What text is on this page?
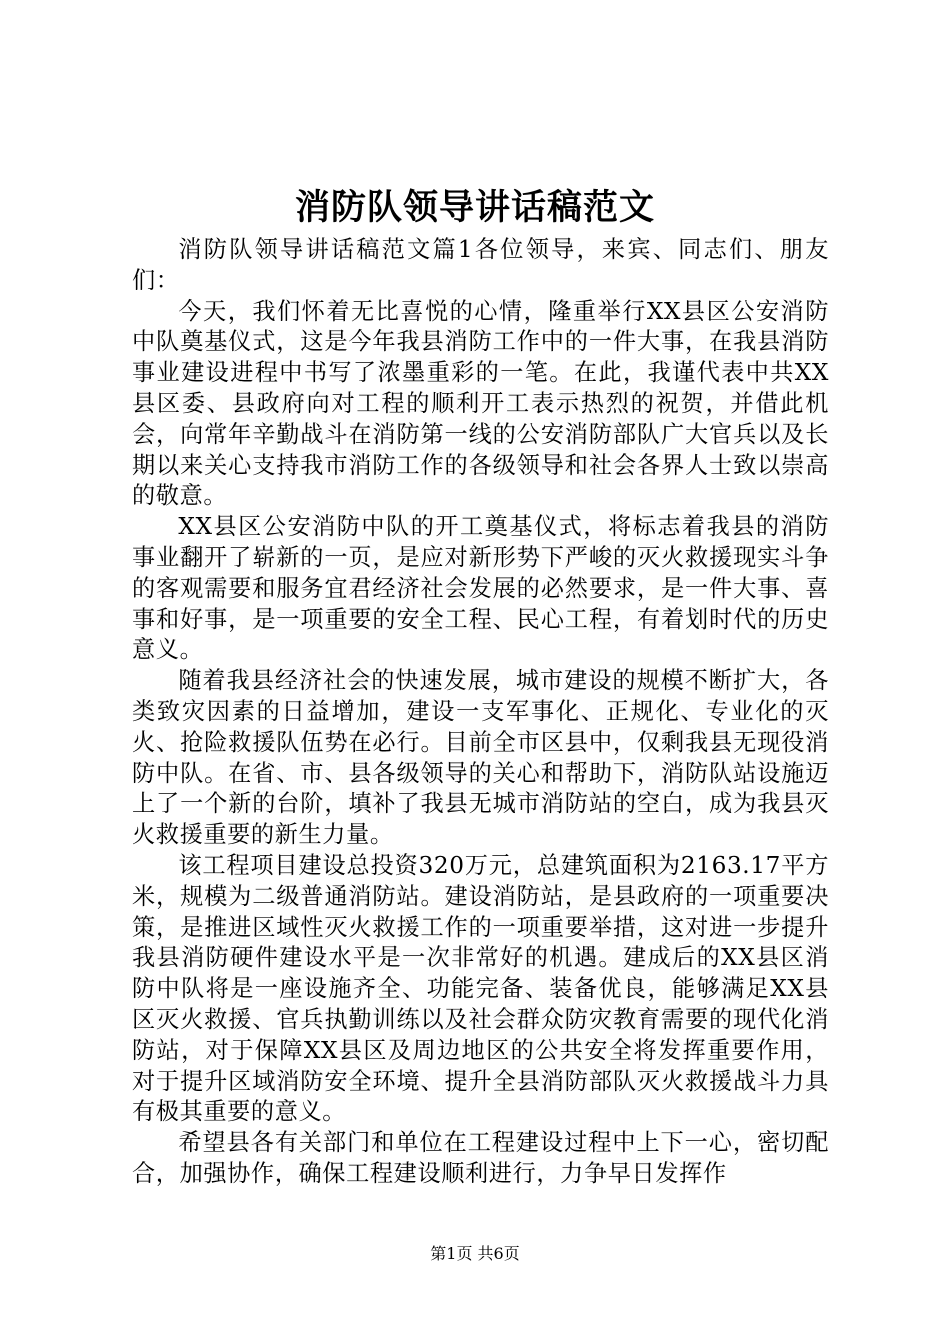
消防队领导讲话稿范文

消防队领导讲话稿范文篇1各位领导，来宾、同志们、朋友们：

今天，我们怀着无比喜悦的心情，隆重举行XX县区公安消防中队奠基仪式，这是今年我县消防工作中的一件大事，在我县消防事业建设进程中书写了浓墨重彩的一笔。在此，我谨代表中共XX县区委、县政府向对工程的顺利开工表示热烈的祝贺，并借此机会，向常年辛勤战斗在消防第一线的公安消防部队广大官兵以及长期以来关心支持我市消防工作的各级领导和社会各界人士致以崇高的敬意。

XX县区公安消防中队的开工奠基仪式，将标志着我县的消防事业翻开了崭新的一页，是应对新形势下严峻的灭火救援现实斗争的客观需要和服务宜君经济社会发展的必然要求，是一件大事、喜事和好事，是一项重要的安全工程、民心工程，有着划时代的历史意义。

随着我县经济社会的快速发展，城市建设的规模不断扩大，各类致灾因素的日益增加，建设一支军事化、正规化、专业化的灭火、抢险救援队伍势在必行。目前全市区县中，仅剩我县无现役消防中队。在省、市、县各级领导的关心和帮助下，消防队站设施迈上了一个新的台阶，填补了我县无城市消防站的空白，成为我县灭火救援重要的新生力量。

该工程项目建设总投资320万元，总建筑面积为2163.17平方米，规模为二级普通消防站。建设消防站，是县政府的一项重要决策，是推进区域性灭火救援工作的一项重要举措，这对进一步提升我县消防硬件建设水平是一次非常好的机遇。建成后的XX县区消防中队将是一座设施齐全、功能完备、装备优良，能够满足XX县区灭火救援、官兵执勤训练以及社会群众防灾教育需要的现代化消防站，对于保障XX县区及周边地区的公共安全将发挥重要作用，对于提升区域消防安全环境、提升全县消防部队灭火救援战斗力具有极其重要的意义。

希望县各有关部门和单位在工程建设过程中上下一心，密切配合，加强协作，确保工程建设顺利进行，力争早日发挥作

第1页 共6页
